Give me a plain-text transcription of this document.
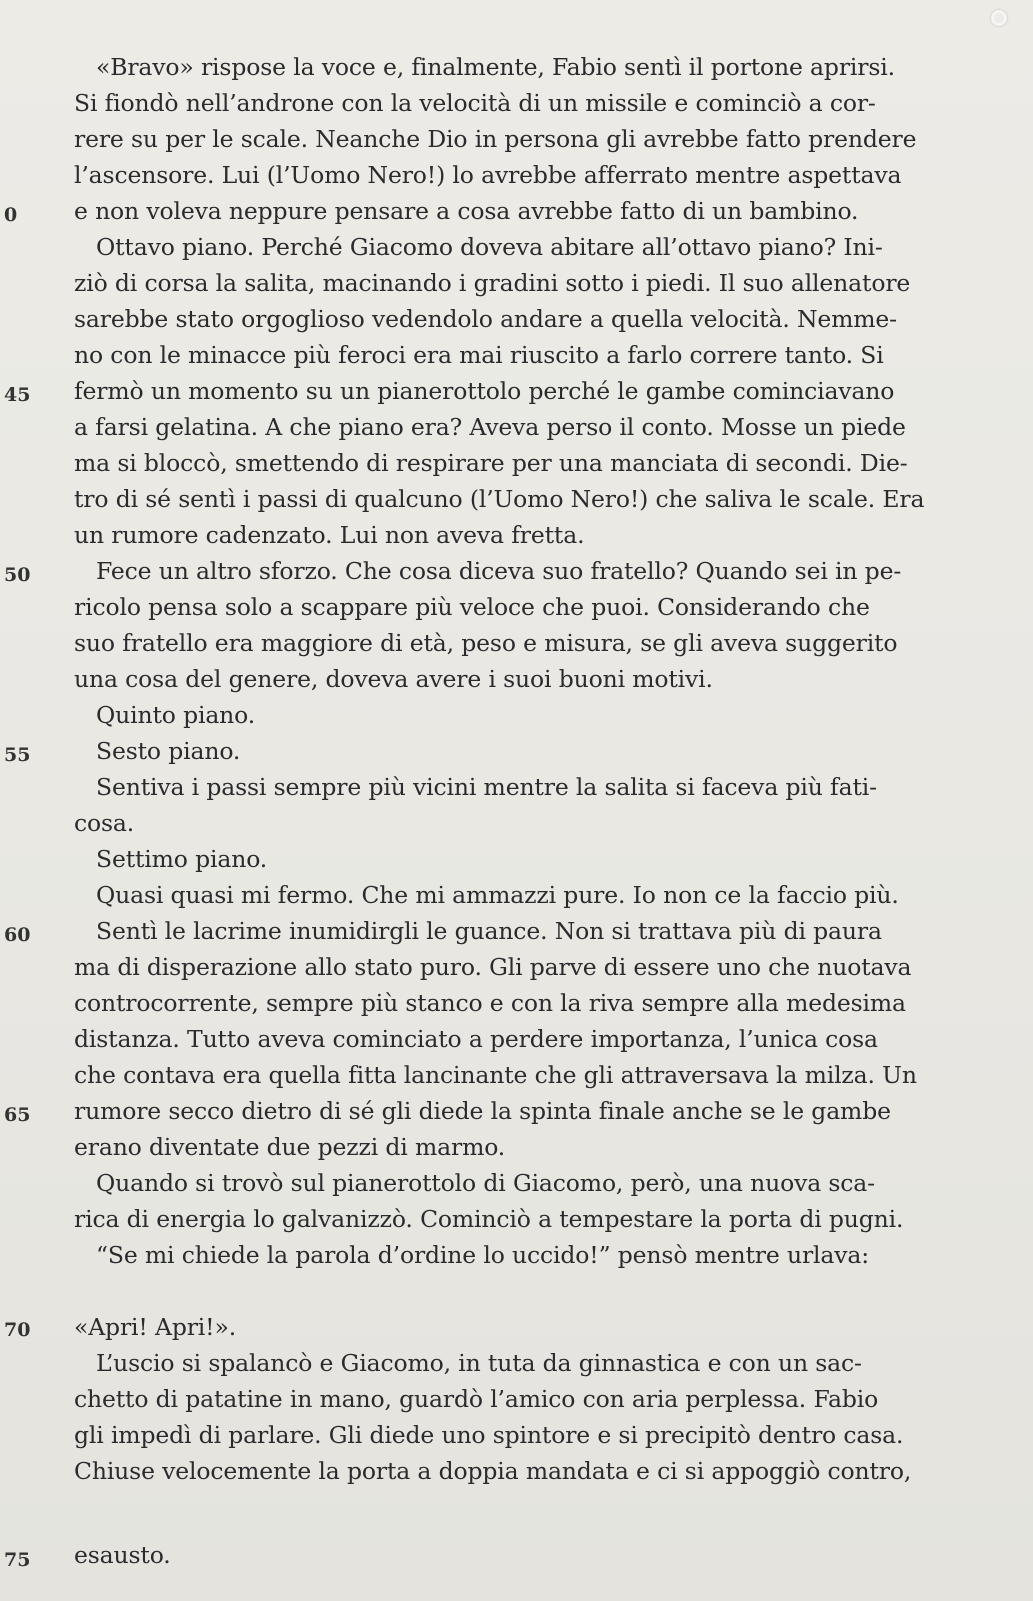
0
45
50
55
60
65
70
75
«Bravo» rispose la voce e, finalmente, Fabio sentì il portone aprirsi.
Si fiondò nell’androne con la velocità di un missile e cominciò a cor-
rere su per le scale. Neanche Dio in persona gli avrebbe fatto prendere
l’ascensore. Lui (l’Uomo Nero!) lo avrebbe afferrato mentre aspettava
e non voleva neppure pensare a cosa avrebbe fatto di un bambino.
Ottavo piano. Perché Giacomo doveva abitare all’ottavo piano? Ini-
ziò di corsa la salita, macinando i gradini sotto i piedi. Il suo allenatore
sarebbe stato orgoglioso vedendolo andare a quella velocità. Nemme-
no con le minacce più feroci era mai riuscito a farlo correre tanto. Si
fermò un momento su un pianerottolo perché le gambe cominciavano
a farsi gelatina. A che piano era? Aveva perso il conto. Mosse un piede
ma si bloccò, smettendo di respirare per una manciata di secondi. Die-
tro di sé sentì i passi di qualcuno (l’Uomo Nero!) che saliva le scale. Era
un rumore cadenzato. Lui non aveva fretta.
Fece un altro sforzo. Che cosa diceva suo fratello? Quando sei in pe-
ricolo pensa solo a scappare più veloce che puoi. Considerando che
suo fratello era maggiore di età, peso e misura, se gli aveva suggerito
una cosa del genere, doveva avere i suoi buoni motivi.
Quinto piano.
Sesto piano.
Sentiva i passi sempre più vicini mentre la salita si faceva più fati-
cosa.
Settimo piano.
Quasi quasi mi fermo. Che mi ammazzi pure. Io non ce la faccio più.
Sentì le lacrime inumidirgli le guance. Non si trattava più di paura
ma di disperazione allo stato puro. Gli parve di essere uno che nuotava
controcorrente, sempre più stanco e con la riva sempre alla medesima
distanza. Tutto aveva cominciato a perdere importanza, l’unica cosa
che contava era quella fitta lancinante che gli attraversava la milza. Un
rumore secco dietro di sé gli diede la spinta finale anche se le gambe
erano diventate due pezzi di marmo.
Quando si trovò sul pianerottolo di Giacomo, però, una nuova sca-
rica di energia lo galvanizzò. Cominciò a tempestare la porta di pugni.
“Se mi chiede la parola d’ordine lo uccido!” pensò mentre urlava:
«Apri! Apri!».
L’uscio si spalancò e Giacomo, in tuta da ginnastica e con un sac-
chetto di patatine in mano, guardò l’amico con aria perplessa. Fabio
gli impedì di parlare. Gli diede uno spintore e si precipitò dentro casa.
Chiuse velocemente la porta a doppia mandata e ci si appoggiò contro,
esausto.
